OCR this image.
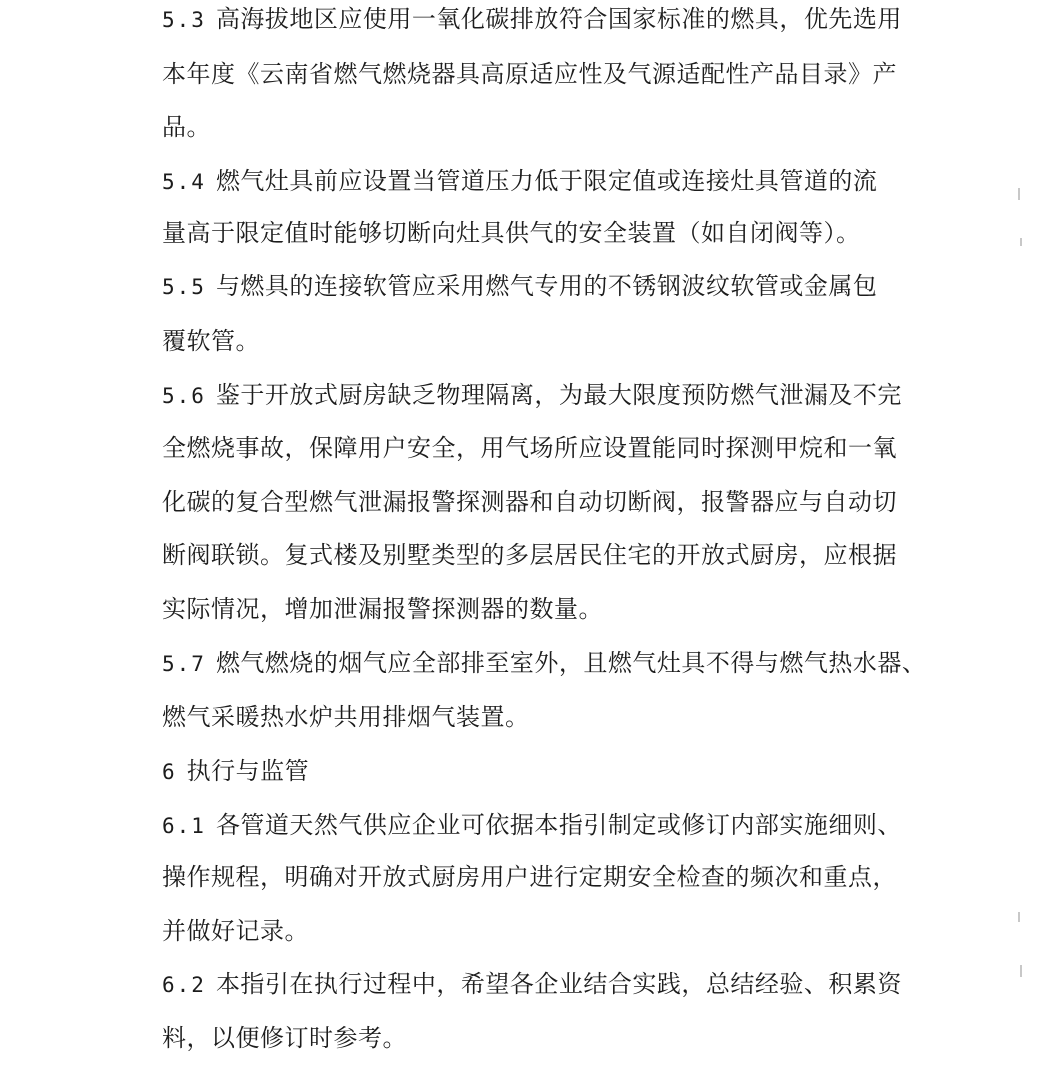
5.3 高海拔地区应使用一氧化碳排放符合国家标准的燃具，优先选用
本年度《云南省燃气燃烧器具高原适应性及气源适配性产品目录》产
品。
5.4 燃气灶具前应设置当管道压力低于限定值或连接灶具管道的流
量高于限定值时能够切断向灶具供气的安全装置（如自闭阀等）。
5.5 与燃具的连接软管应采用燃气专用的不锈钢波纹软管或金属包
覆软管。
5.6 鉴于开放式厨房缺乏物理隔离，为最大限度预防燃气泄漏及不完
全燃烧事故，保障用户安全，用气场所应设置能同时探测甲烷和一氧
化碳的复合型燃气泄漏报警探测器和自动切断阀，报警器应与自动切
断阀联锁。复式楼及别墅类型的多层居民住宅的开放式厨房，应根据
实际情况，增加泄漏报警探测器的数量。
5.7 燃气燃烧的烟气应全部排至室外，且燃气灶具不得与燃气热水器、
燃气采暖热水炉共用排烟气装置。
6 执行与监管
6.1 各管道天然气供应企业可依据本指引制定或修订内部实施细则、
操作规程，明确对开放式厨房用户进行定期安全检查的频次和重点，
并做好记录。
6.2 本指引在执行过程中，希望各企业结合实践，总结经验、积累资
料，以便修订时参考。
